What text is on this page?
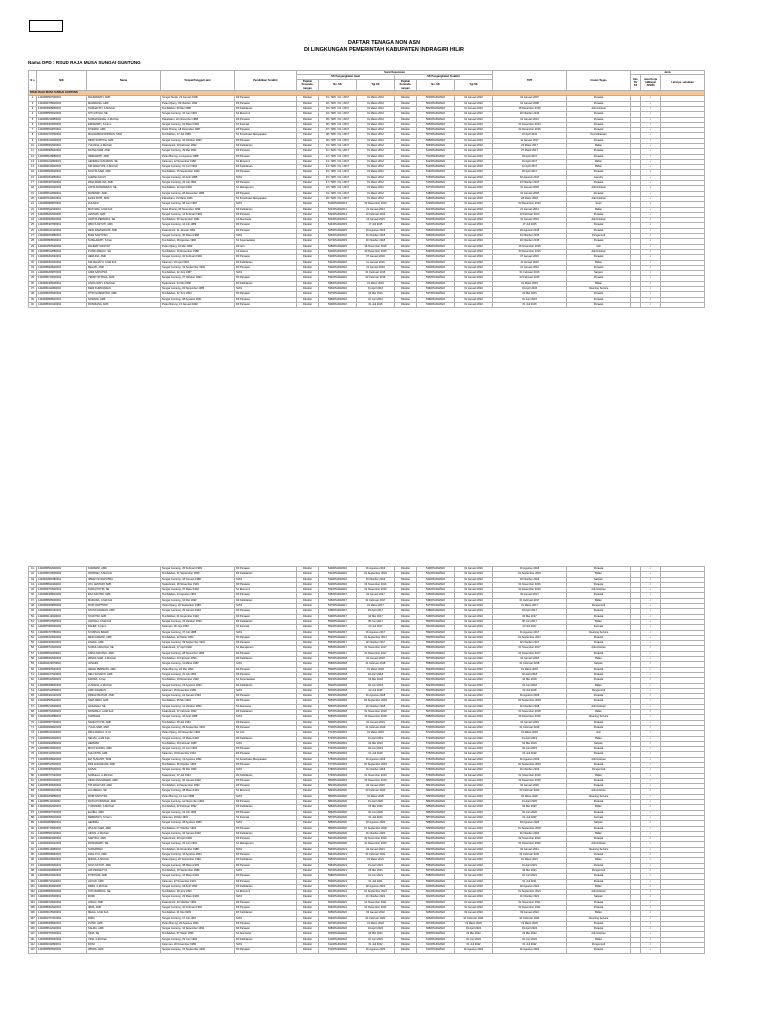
DAFTAR TENAGA NON ASN
DI LINGKUNGAN PEMERINTAH KABUPATEN INDRAGIRI HILIR
Nama OPD : RSUD RAJA MUSA SUNGAI GUNTUNG
N o	NIK	Nama	Tempat/Tanggal Lahir	Pendidikan Terakhir	Surat Keputusan						TMT	Uraian Tugas	Jenis		
					SK Pengangkatan Awal			SK Pengangkatan Terakhir					Eks TH K2	Jasa Kerja (diBiayai APBD)	Lainnya, sebutkan
					Pejabat Penanda-tangan	No. SK	Tgl SK	Pejabat Penanda-tangan	No. SK	Tgl SK					
RSUD RAJA MUSA SUNGAI GUNTUNG															
1	1402086507900001	RAHMAWATI, AMK	Sungai Tenda, 23 Januari 1990	D3 Perawat	Direktur	01 / SPK / 01 / 2017	01 Maret 2012	Direktur	500/RSUD/2022	01 Januari 2022	01 Januari 2007	Perawat		✓	
2	1402084708920002	MARDIANA, AMK	Pulau Kijang, 09 Oktober 1992	D3 Perawat	Direktur	02 / SPK / 01 / 2017	01 Maret 2012	Direktur	501/RSUD/2022	01 Januari 2022	01 Januari 2008	Perawat		✓	
3	1402084905860001	NURHAYATI, A.Md.Keb	Tembilahan, 09 Mei 1986	D3 Kebidanan	Direktur	03 / SPK / 01 / 2017	01 Maret 2012	Direktur	502/RSUD/2022	01 Januari 2022	15 Desember 2010	Administrasi		✓	
4	1402085506910003	SITI AISYAH, SE	Sungai Guntung, 15 Juni 1991	S1 Ekonomi	Direktur	04 / SPK / 01 / 2017	01 Maret 2012	Direktur	503/RSUD/2022	01 Januari 2022	20 Oktober 2013	Perawat		✓	
5	1402086211880002	NURHASANAH, A.Md.Kep	Pekanbaru, 22 November 1988	D3 Perawat	Direktur	05 / SPK / 01 / 2017	01 Maret 2012	Direktur	504/RSUD/2022	01 Januari 2022	01 Januari 2014	Perawat		✓	
6	1402084303930004	ERNAWATI, S.Farm	Sungai Guntung, 03 Maret 1993	S1 Farmasi	Direktur	06 / SPK / 01 / 2017	01 Maret 2012	Direktur	505/RSUD/2022	01 Januari 2022	01 Desember 2014	Perawat		✓	
7	1402085812870001	FITRIANI, AMK	Teluk Pinang, 18 Desember 1987	D3 Perawat	Direktur	07 / SPK / 01 / 2017	01 Maret 2012	Direktur	506/RSUD/2022	01 Januari 2022	21 Desember 2015	Perawat		✓	
8	1402081707890002	MUHAMMAD RIDWAN, SKM	Tembilahan, 17 Juli 1989	S1 Kesehatan Masyarakat	Direktur	08 / SPK / 01 / 2017	01 Maret 2012	Direktur	507/RSUD/2022	01 Januari 2022	15 April 2016	Pemeliharaan		✓	
9	1402084410900003	DEWI SARTIKA, AMK	Sungai Guntung, 04 Oktober 1990	D3 Perawat	Direktur	09 / SPK / 01 / 2017	01 Maret 2012	Direktur	508/RSUD/2022	01 Januari 2022	11 Januari 2017	Perawat		✓	
10	1402086002920001	YULIANA, A.Md.Keb	Kuala Enok, 20 Februari 1992	D3 Kebidanan	Direktur	10 / SPK / 01 / 2017	01 Maret 2012	Direktur	509/RSUD/2022	01 Januari 2022	23 Maret 2017	Bidan		✓	
11	1402086905910002	RATNA SARI, AMK	Sungai Guntung, 29 Mei 1991	D3 Perawat	Direktur	11 / SPK / 01 / 2017	01 Maret 2012	Direktur	510/RSUD/2022	01 Januari 2022	27 Maret 2017	Perawat		✓	
12	1402085108880001	INDRAWATI, AMK	Pulau Burung, 11 Agustus 1988	D3 Perawat	Direktur	12 / SPK / 01 / 2017	01 Maret 2012	Direktur	511/RSUD/2022	01 Januari 2022	03 April 2017	Perawat		✓	
13	1402081211860003	HENDRA GUNAWAN, SE	Kateman, 12 November 1986	S1 Ekonomi	Direktur	13 / SPK / 01 / 2017	01 Maret 2012	Direktur	512/RSUD/2022	01 Januari 2022	10 April 2017	Bidan		✓	
14	1402084106940004	SRI WAHYUNI, A.Md.Keb	Sungai Guntung, 01 Juni 1994	D3 Kebidanan	Direktur	14 / SPK / 01 / 2017	01 Maret 2012	Direktur	513/RSUD/2022	01 Januari 2022	12 April 2017	Bidan		✓	
15	1402085509930002	NOVITA SARI, AMK	Tembilahan, 15 September 1993	D3 Perawat	Direktur	15 / SPK / 01 / 2017	01 Maret 2012	Direktur	514/RSUD/2022	01 Januari 2022	20 April 2017	Perawat		✓	
16	1402081004850001	AHMAD FAUZI	Sungai Guntung, 10 April 1985	SLTA	Direktur	16 / SPK / 01 / 2017	01 Maret 2012	Direktur	515/RSUD/2022	01 Januari 2022	02 Agustus 2017	Laundry		✓	
17	1402086307900002	RINA MARLINA, AMK	Sungai Guntung, 23 Juli 1990	D3 Perawat	Direktur	17 / SPK / 01 / 2017	01 Maret 2012	Direktur	516/RSUD/2022	01 Januari 2022	16 Oktober 2017	Perawat		✓	
18	1402085004920003	ANITA ROSMAWATI, SE	Tembilahan, 10 April 1992	S1 Manajemen	Direktur	18 / SPK / 01 / 2017	01 Maret 2012	Direktur	517/RSUD/2022	01 Januari 2022	01 Januari 2018	Administrasi		✓	
19	1402086612890001	ROSMIATI, AMK	Sungai Guntung, 26 Desember 1989	D3 Perawat	Direktur	19 / SPK / 01 / 2017	01 Maret 2012	Direktur	518/RSUD/2022	01 Januari 2022	10 Januari 2018	Perawat		✓	
20	1402087103910001	ELIZA FITRI, SKM	Pekanbaru, 31 Maret 1991	S1 Kesehatan Masyarakat	Direktur	20 / SPK / 01 / 2017	01 Maret 2012	Direktur	519/RSUD/2022	01 Januari 2022	28 Maret 2018	Administrasi		✓	
21	1402080806870002	ZULKIFLI	Sungai Guntung, 08 Juni 1987	SLTA	Direktur	520/RSUD/2013	02 Desember 2013	Direktur	520/RSUD/2022	01 Januari 2022	02 Desember 2013	Sopir		✓	
22	1402084511940001	MUTIARA, A.Md.Keb	Teluk Pinang, 05 November 1994	D3 Kebidanan	Direktur	521/RSUD/2014	21 Januari 2014	Direktur	521/RSUD/2022	01 Januari 2022	21 Januari 2014	Bidan		✓	
23	1402085202930002	LESTARI, AMK	Sungai Guntung, 12 Februari 1993	D3 Perawat	Direktur	522/RSUD/2014	10 Februari 2014	Direktur	522/RSUD/2022	01 Januari 2022	10 Februari 2014	Perawat		✓	
24	1402084609910003	JUWITA PERMATA, SE	Tembilahan, 06 September 1991	S1 Akuntansi	Direktur	523/RSUD/2014	13 Januari 2015	Direktur	523/RSUD/2022	01 Januari 2022	13 Januari 2015	Administrasi		✓	
25	1402085407890001	WIDYA ASTUTI, AMK	Sungai Guntung, 14 Juli 1989	D3 Perawat	Direktur	524/RSUD/2015	17 Juli 2015	Direktur	524/RSUD/2022	01 Januari 2022	17 Juli 2015	Perawat		✓	
26	1402086101920002	DESI RAHMADANI, AMK	Kuala Enok, 21 Januari 1992	D3 Perawat	Direktur	525/RSUD/2015	29 Agustus 2015	Direktur	525/RSUD/2022	01 Januari 2022	29 Agustus 2015	Perawat		✓	
27	1402083003880001	BUDI SANTOSO	Sungai Guntung, 30 Maret 1988	SLTA	Direktur	526/RSUD/2015	01 Oktober 2015	Direktur	526/RSUD/2022	01 Januari 2022	01 Oktober 2015	Pengemudi		✓	
28	1402086808900001	SUSILAWATI, S.Kep	Tembilahan, 28 Agustus 1990	S1 Keperawatan	Direktur	527/RSUD/2015	20 Oktober 2015	Direktur	527/RSUD/2022	01 Januari 2022	20 Oktober 2015	Perawat		✓	
29	1402081505930003	RAHMAT HIDAYAT	Pulau Kijang, 15 Mei 1993	D3 Gizi	Direktur	528/RSUD/2015	16 November 2015	Direktur	528/RSUD/2022	01 Januari 2022	16 November 2015	Gizi		✓	
30	1402085612880002	PUTRI AMELIA, SH	Tembilahan, 16 Desember 1988	S1 Hukum	Direktur	529/RSUD/2015	30 Desember 2015	Direktur	529/RSUD/2022	01 Januari 2022	30 Desember 2015	Administrasi		✓	
31	1402084202940001	HERLINA, AMK	Sungai Guntung, 02 Februari 1994	D3 Perawat	Direktur	530/RSUD/2016	07 Januari 2016	Direktur	530/RSUD/2022	01 Januari 2022	07 Januari 2016	Perawat		✓	
32	1402086304910002	SRI RAHAYU, A.Md.Keb	Kateman, 23 April 1991	D3 Kebidanan	Direktur	531/RSUD/2016	11 Januari 2016	Direktur	531/RSUD/2022	01 Januari 2022	11 Januari 2016	Bidan		✓	
33	1402085909920001	MELATI, AMK	Sungai Guntung, 19 September 1992	D3 Perawat	Direktur	532/RSUD/2016	21 Januari 2016	Direktur	532/RSUD/2022	01 Januari 2022	21 Januari 2016	Perawat		✓	
34	1402082206870003	ANDI SAPUTRA	Tembilahan, 22 Juni 1987	SLTA	Direktur	533/RSUD/2016	01 Februari 2016	Direktur	533/RSUD/2022	01 Januari 2022	01 Februari 2016	Satpam		✓	
35	1402086710930002	YENNI OKTAVIA, AMK	Sungai Guntung, 27 Oktober 1993	D3 Perawat	Direktur	534/RSUD/2016	02 Februari 2016	Direktur	534/RSUD/2022	01 Januari 2022	02 Februari 2016	Perawat		✓	
36	1402084405900001	LINDA WATI, A.Md.Keb	Kuala Enok, 04 Mei 1990	D3 Kebidanan	Direktur	535/RSUD/2016	01 Maret 2016	Direktur	535/RSUD/2022	01 Januari 2022	01 Maret 2016	Bidan		✓	
37	1402080311860002	DEDI KURNIAWAN	Sungai Guntung, 03 November 1986	SLTA	Direktur	536/RSUD/2016	01 April 2016	Direktur	536/RSUD/2022	01 Januari 2022	01 April 2016	Cleaning Service		✓	
38	1402086206940003	FITRI HANDAYANI, AMK	Tembilahan, 22 Juni 1994	D3 Perawat	Direktur	537/RSUD/2016	02 Mei 2016	Direktur	537/RSUD/2022	01 Januari 2022	02 Mei 2016	Perawat		✓	
39	1402084808910001	NURAINI, AMK	Sungai Guntung, 08 Agustus 1991	D3 Perawat	Direktur	538/RSUD/2016	01 Juni 2016	Direktur	538/RSUD/2022	01 Januari 2022	01 Juni 2016	Perawat		✓	
40	1402085301920002	ROSDIANA, AMK	Pulau Burung, 13 Januari 1992	D3 Perawat	Direktur	539/RSUD/2016	01 Juli 2016	Direktur	539/RSUD/2022	01 Januari 2022	01 Juli 2016	Perawat		✓	
41	1402086502930001	SUMARNI, AMK	Sungai Guntung, 25 Februari 1993	D3 Perawat	Direktur	540/RSUD/2016	01 Agustus 2016	Direktur	540/RSUD/2022	01 Januari 2022	01 Agustus 2016	Perawat		✓	
42	1402086109900002	WARDAH, A.Md.Keb	Tembilahan, 21 September 1990	D3 Kebidanan	Direktur	541/RSUD/2016	01 September 2016	Direktur	541/RSUD/2022	01 Januari 2022	01 September 2016	Bidan		✓	
43	1402081801880001	IRWAN SYAHPUTRA	Sungai Guntung, 18 Januari 1988	SLTA	Direktur	542/RSUD/2016	03 Oktober 2016	Direktur	542/RSUD/2022	01 Januari 2022	03 Oktober 2016	Satpam		✓	
44	1402085811940002	AYU LESTARI, AMK	Kuala Enok, 18 November 1994	D3 Perawat	Direktur	543/RSUD/2016	01 November 2016	Direktur	543/RSUD/2022	01 Januari 2022	01 November 2016	Perawat		✓	
45	1402084703920001	DIANA PUTRI, SE	Sungai Guntung, 07 Maret 1992	S1 Ekonomi	Direktur	544/RSUD/2016	01 Desember 2016	Direktur	544/RSUD/2022	01 Januari 2022	01 Desember 2016	Administrasi		✓	
46	1402086408910003	EKA SAFITRI, AMK	Tembilahan, 24 Agustus 1991	D3 Perawat	Direktur	545/RSUD/2017	02 Januari 2017	Direktur	545/RSUD/2022	01 Januari 2022	02 Januari 2017	Perawat		✓	
47	1402085605930001	MARLINA, A.Md.Keb	Sungai Guntung, 16 Mei 1993	D3 Kebidanan	Direktur	546/RSUD/2017	01 Februari 2017	Direktur	546/RSUD/2022	01 Januari 2022	01 Februari 2017	Bidan		✓	
48	1402082009890002	RUDI HARTONO	Pulau Kijang, 20 September 1989	SLTA	Direktur	547/RSUD/2017	01 Maret 2017	Direktur	547/RSUD/2022	01 Januari 2022	01 Maret 2017	Pengemudi		✓	
49	1402086901940001	NOVIA RAHMAN, AMK	Sungai Guntung, 29 Januari 1994	D3 Perawat	Direktur	548/RSUD/2017	03 April 2017	Direktur	548/RSUD/2022	01 Januari 2022	03 April 2017	Perawat		✓	
50	1402084112920002	SYAFITRI, AMK	Tembilahan, 01 Desember 1992	D3 Perawat	Direktur	549/RSUD/2017	02 Mei 2017	Direktur	549/RSUD/2022	01 Januari 2022	02 Mei 2017	Perawat		✓	
51	1402085510900001	HAFSAH, A.Md.Keb	Sungai Guntung, 15 Oktober 1990	D3 Kebidanan	Direktur	550/RSUD/2017	05 Juni 2017	Direktur	550/RSUD/2022	01 Januari 2022	05 Juni 2017	Bidan		✓	
52	1402087006930003	RAHMI, S.Farm	Kateman, 30 Juni 1993	S1 Farmasi	Direktur	551/RSUD/2017	03 Juli 2017	Direktur	551/RSUD/2022	01 Januari 2022	03 Juli 2017	Farmasi		✓	
53	1402080707880001	SYAMSUL BAHRI	Sungai Guntung, 07 Juli 1988	SLTA	Direktur	552/RSUD/2017	01 Agustus 2017	Direktur	552/RSUD/2022	01 Januari 2022	01 Agustus 2017	Cleaning Service		✓	
54	1402086203940002	MERI ANDANI, AMK	Tembilahan, 22 Maret 1994	D3 Perawat	Direktur	553/RSUD/2017	01 September 2017	Direktur	553/RSUD/2022	01 Januari 2022	01 September 2017	Perawat		✓	
55	1402084309910001	ZAHRA, AMK	Sungai Guntung, 03 September 1991	D3 Perawat	Direktur	554/RSUD/2017	02 Oktober 2017	Direktur	554/RSUD/2022	01 Januari 2022	02 Oktober 2017	Perawat		✓	
56	1402085704920002	NURUL HIDAYAH, SE	Kuala Enok, 17 April 1992	S1 Manajemen	Direktur	555/RSUD/2017	01 November 2017	Direktur	555/RSUD/2022	01 Januari 2022	01 November 2017	Administrasi		✓	
57	1402086811900001	SISKA MAYANG, AMK	Sungai Guntung, 28 November 1990	D3 Perawat	Direktur	556/RSUD/2017	01 Desember 2017	Direktur	556/RSUD/2022	01 Januari 2022	01 Desember 2017	Perawat		✓	
58	1402085002930003	WINDA SARI, A.Md.Keb	Tembilahan, 10 Februari 1993	D3 Kebidanan	Direktur	557/RSUD/2018	02 Januari 2018	Direktur	557/RSUD/2022	01 Januari 2022	02 Januari 2018	Bidan		✓	
59	1402081103870002	JUNAIDI	Sungai Guntung, 11 Maret 1987	SLTA	Direktur	558/RSUD/2018	01 Februari 2018	Direktur	558/RSUD/2022	01 Januari 2022	01 Februari 2018	Satpam		✓	
60	1402086605940001	INDAH PERMATA, AMK	Pulau Burung, 26 Mei 1994	D3 Perawat	Direktur	559/RSUD/2018	01 Maret 2018	Direktur	559/RSUD/2022	01 Januari 2022	01 Maret 2018	Perawat		✓	
61	1402084107910002	NELI SUSANTI, AMK	Sungai Guntung, 01 Juli 1991	D3 Perawat	Direktur	560/RSUD/2018	02 April 2018	Direktur	560/RSUD/2022	01 Januari 2022	02 April 2018	Perawat		✓	
62	1402085912920001	FARIDA, S.Kep	Tembilahan, 19 Desember 1992	S1 Keperawatan	Direktur	561/RSUD/2018	02 Mei 2018	Direktur	561/RSUD/2022	01 Januari 2022	02 Mei 2018	Perawat		✓	
63	1402086308930002	LUSIANA, A.Md.Keb	Sungai Guntung, 23 Agustus 1993	D3 Kebidanan	Direktur	562/RSUD/2018	04 Juni 2018	Direktur	562/RSUD/2022	01 Januari 2022	04 Juni 2018	Bidan		✓	
64	1402082512890001	ARIF RAHMAN	Kateman, 25 Desember 1989	SLTA	Direktur	563/RSUD/2018	02 Juli 2018	Direktur	563/RSUD/2022	01 Januari 2022	02 Juli 2018	Pengemudi		✓	
65	1402086401940003	DINDA PRATIWI, AMK	Sungai Guntung, 24 Januari 1994	D3 Perawat	Direktur	564/RSUD/2018	01 Agustus 2018	Direktur	564/RSUD/2022	01 Januari 2022	01 Agustus 2018	Perawat		✓	
66	1402084505910001	SARI DEWI, AMK	Tembilahan, 05 Mei 1991	D3 Perawat	Direktur	565/RSUD/2018	03 September 2018	Direktur	565/RSUD/2022	01 Januari 2022	03 September 2018	Perawat		✓	
67	1402085210920002	HASANAH, SE	Sungai Guntung, 12 Oktober 1992	S1 Akuntansi	Direktur	566/RSUD/2018	01 Oktober 2018	Direktur	566/RSUD/2022	01 Januari 2022	01 Oktober 2018	Administrasi		✓	
68	1402086702930001	ROSMALA, A.Md.Keb	Kuala Enok, 27 Februari 1993	D3 Kebidanan	Direktur	567/RSUD/2018	01 November 2018	Direktur	567/RSUD/2022	01 Januari 2022	01 November 2018	Bidan		✓	
69	1402081604880002	SUPRIADI	Sungai Guntung, 16 April 1988	SLTA	Direktur	568/RSUD/2018	03 Desember 2018	Direktur	568/RSUD/2022	01 Januari 2022	03 Desember 2018	Cleaning Service		✓	
70	1402085807940001	NADIA PUTRI, AMK	Tembilahan, 18 Juli 1994	D3 Perawat	Direktur	569/RSUD/2019	02 Januari 2019	Direktur	569/RSUD/2022	01 Januari 2022	02 Januari 2019	Perawat		✓	
71	1402084909910003	YULIA SARI, AMK	Sungai Guntung, 09 September 1991	D3 Perawat	Direktur	570/RSUD/2019	01 Februari 2019	Direktur	570/RSUD/2022	01 Januari 2022	01 Februari 2019	Perawat		✓	
72	1402086011920002	RIKA AMALIA, S.Gz	Pulau Kijang, 20 November 1992	S1 Gizi	Direktur	571/RSUD/2019	01 Maret 2019	Direktur	571/RSUD/2022	01 Januari 2022	01 Maret 2019	Gizi		✓	
73	1402085603930001	SELVIA, A.Md.Keb	Sungai Guntung, 16 Maret 1993	D3 Kebidanan	Direktur	572/RSUD/2019	01 April 2019	Direktur	572/RSUD/2022	01 Januari 2022	01 April 2019	Bidan		✓	
74	1402082902890002	HERMAN	Tembilahan, 29 Februari 1989	SLTA	Direktur	573/RSUD/2019	02 Mei 2019	Direktur	573/RSUD/2022	01 Januari 2022	02 Mei 2019	Satpam		✓	
75	1402086106940001	MAYA SAFIRA, AMK	Sungai Guntung, 21 Juni 1994	D3 Perawat	Direktur	574/RSUD/2019	03 Juni 2019	Direktur	574/RSUD/2022	01 Januari 2022	03 Juni 2019	Perawat		✓	
76	1402084412910002	SULASTRI, AMK	Kateman, 04 Desember 1991	D3 Perawat	Direktur	575/RSUD/2019	01 Juli 2019	Direktur	575/RSUD/2022	01 Januari 2022	01 Juli 2019	Perawat		✓	
77	1402085308920003	EVI SUSANTI, SKM	Sungai Guntung, 13 Agustus 1992	S1 Kesehatan Masyarakat	Direktur	576/RSUD/2019	01 Agustus 2019	Direktur	576/RSUD/2022	01 Januari 2022	01 Agustus 2019	Administrasi		✓	
78	1402086510930001	RINI ANGGRAINI, AMK	Tembilahan, 25 Oktober 1993	D3 Perawat	Direktur	577/RSUD/2019	02 September 2019	Direktur	577/RSUD/2022	01 Januari 2022	02 September 2019	Perawat		✓	
79	1402080905900002	FAISAL	Sungai Guntung, 09 Mei 1990	SLTA	Direktur	578/RSUD/2019	01 Oktober 2019	Direktur	578/RSUD/2022	01 Januari 2022	01 Oktober 2019	Pengemudi		✓	
80	1402086707940002	NURLELA, A.Md.Keb	Kuala Enok, 27 Juli 1994	D3 Kebidanan	Direktur	579/RSUD/2019	01 November 2019	Direktur	579/RSUD/2022	01 Januari 2022	01 November 2019	Bidan		✓	
81	1402084601920001	DEWI ANGGRAENI, AMK	Sungai Guntung, 06 Januari 1992	D3 Perawat	Direktur	580/RSUD/2019	02 Desember 2019	Direktur	580/RSUD/2022	01 Januari 2022	02 Desember 2019	Perawat		✓	
82	1402085409930003	TRI WAHYUNI, AMK	Tembilahan, 14 September 1993	D3 Perawat	Direktur	581/RSUD/2020	02 Januari 2020	Direktur	581/RSUD/2022	01 Januari 2022	02 Januari 2020	Perawat		✓	
83	1402086803910002	LIA AMELIA, SE	Sungai Guntung, 28 Maret 1991	S1 Ekonomi	Direktur	582/RSUD/2020	03 Februari 2020	Direktur	582/RSUD/2022	01 Januari 2022	03 Februari 2020	Administrasi		✓	
84	1402081206880001	ROBI SAPUTRA	Pulau Burung, 12 Juni 1988	SLTA	Direktur	583/RSUD/2020	02 Maret 2020	Direktur	583/RSUD/2022	01 Januari 2022	02 Maret 2020	Cleaning Service		✓	
85	1402085111940002	RATIH PURNAMA, AMK	Sungai Guntung, 11 November 1994	D3 Perawat	Direktur	584/RSUD/2020	01 April 2020	Direktur	584/RSUD/2022	01 Januari 2022	01 April 2020	Perawat		✓	
86	1402084202920001	YUSNIDAR, A.Md.Keb	Tembilahan, 02 Februari 1992	D3 Kebidanan	Direktur	585/RSUD/2020	04 Mei 2020	Direktur	585/RSUD/2022	01 Januari 2022	04 Mei 2020	Bidan		✓	
87	1402085907930003	ELVIRA, AMK	Sungai Guntung, 19 Juli 1993	D3 Perawat	Direktur	586/RSUD/2020	02 Juni 2020	Direktur	586/RSUD/2022	01 Januari 2022	02 Juni 2020	Perawat		✓	
88	1402086305910002	FEBRIANTI, S.Farm	Kateman, 23 Mei 1991	S1 Farmasi	Direktur	587/RSUD/2020	01 Juli 2020	Direktur	587/RSUD/2022	01 Januari 2022	01 Juli 2020	Farmasi		✓	
89	1402082808890001	HENDRA	Sungai Guntung, 28 Agustus 1989	SLTA	Direktur	588/RSUD/2020	03 Agustus 2020	Direktur	588/RSUD/2022	01 Januari 2022	03 Agustus 2020	Satpam		✓	
90	1402084710940002	WULAN SARI, AMK	Tembilahan, 07 Oktober 1994	D3 Perawat	Direktur	589/RSUD/2020	01 September 2020	Direktur	589/RSUD/2022	01 Januari 2022	01 September 2020	Perawat		✓	
91	1402085501920001	AINUN, A.Md.Keb	Sungai Guntung, 15 Januari 1992	D3 Kebidanan	Direktur	590/RSUD/2020	01 Oktober 2020	Direktur	590/RSUD/2022	01 Januari 2022	01 Oktober 2020	Bidan		✓	
92	1402086904930002	SARTIKA, AMK	Kuala Enok, 29 April 1993	D3 Perawat	Direktur	591/RSUD/2020	02 November 2020	Direktur	591/RSUD/2022	01 Januari 2022	02 November 2020	Perawat		✓	
93	1402084306910003	ROSNAWATI, SE	Sungai Guntung, 03 Juni 1991	S1 Manajemen	Direktur	592/RSUD/2020	01 Desember 2020	Direktur	592/RSUD/2022	01 Januari 2022	01 Desember 2020	Administrasi		✓	
94	1402080112880002	SUPARMAN	Tembilahan, 01 Desember 1988	SLTA	Direktur	593/RSUD/2021	04 Januari 2021	Direktur	593/RSUD/2022	01 Januari 2022	04 Januari 2021	Cleaning Service		✓	
95	1402085608940001	DIAH AYU, AMK	Sungai Guntung, 16 Agustus 1994	D3 Perawat	Direktur	594/RSUD/2021	01 Februari 2021	Direktur	594/RSUD/2022	01 Januari 2022	01 Februari 2021	Perawat		✓	
96	1402086209920002	MIRNA, A.Md.Keb	Pulau Kijang, 22 September 1992	D3 Kebidanan	Direktur	595/RSUD/2021	01 Maret 2021	Direktur	595/RSUD/2022	01 Januari 2022	01 Maret 2021	Bidan		✓	
97	1402084803930001	NOVI ASTUTI, AMK	Sungai Guntung, 08 Maret 1993	D3 Perawat	Direktur	596/RSUD/2021	01 April 2021	Direktur	596/RSUD/2022	01 Januari 2022	01 April 2021	Perawat		✓	
98	1402081909890003	ADI PRASETYO	Tembilahan, 19 September 1989	SLTA	Direktur	597/RSUD/2021	03 Mei 2021	Direktur	597/RSUD/2022	01 Januari 2022	03 Mei 2021	Pengemudi		✓	
99	1402085203940002	FITRIYANI, AMK	Sungai Guntung, 12 Maret 1994	D3 Perawat	Direktur	598/RSUD/2021	01 Juni 2021	Direktur	598/RSUD/2022	01 Januari 2022	01 Juni 2021	Perawat		✓	
100	1402086711910001	HAYATI, AMK	Kateman, 27 November 1991	D3 Perawat	Direktur	599/RSUD/2021	01 Juli 2021	Direktur	599/RSUD/2022	01 Januari 2022	01 Juli 2021	Perawat		✓	
101	1402084404920002	RIRIN, A.Md.Keb	Sungai Guntung, 04 April 1992	D3 Kebidanan	Direktur	600/RSUD/2021	02 Agustus 2021	Direktur	600/RSUD/2022	01 Januari 2022	02 Agustus 2021	Bidan		✓	
102	1402085806930003	SITI NURBAYA, SE	Tembilahan, 18 Juni 1993	S1 Ekonomi	Direktur	601/RSUD/2021	01 September 2021	Direktur	601/RSUD/2022	01 Januari 2022	01 September 2021	Administrasi		✓	
103	1402082303900001	ROMI	Sungai Guntung, 23 Maret 1990	SLTA	Direktur	602/RSUD/2021	01 Oktober 2021	Direktur	602/RSUD/2022	01 Januari 2022	01 Oktober 2021	Satpam		✓	
104	1402086310940002	ANGGI, AMK	Kuala Enok, 23 Oktober 1994	D3 Perawat	Direktur	603/RSUD/2021	01 November 2021	Direktur	603/RSUD/2022	01 Januari 2022	01 November 2021	Perawat		✓	
105	1402085002920001	IRMA, AMK	Sungai Guntung, 10 Februari 1992	D3 Perawat	Direktur	604/RSUD/2021	01 Desember 2021	Direktur	604/RSUD/2022	01 Januari 2022	01 Desember 2021	Perawat		✓	
106	1402084105930002	MEGA, A.Md.Keb	Tembilahan, 01 Mei 1993	D3 Kebidanan	Direktur	605/RSUD/2022	03 Januari 2022	Direktur	605/RSUD/2022	03 Januari 2022	03 Januari 2022	Bidan		✓	
107	1402081707910003	RIZKI	Sungai Guntung, 17 Juli 1991	SLTA	Direktur	606/RSUD/2022	01 Februari 2022	Direktur	606/RSUD/2022	01 Februari 2022	01 Februari 2022	Cleaning Service		✓	
108	1402086008940001	PUTRI, AMK	Pulau Burung, 20 Agustus 1994	D3 Perawat	Direktur	607/RSUD/2022	01 Maret 2022	Direktur	607/RSUD/2022	01 Maret 2022	01 Maret 2022	Perawat		✓	
109	1402085612920002	SALMA, AMK	Sungai Guntung, 16 Desember 1992	D3 Perawat	Direktur	608/RSUD/2022	04 April 2022	Direktur	608/RSUD/2022	04 April 2022	04 April 2022	Perawat		✓	
110	1402084703930001	NINA, SE	Tembilahan, 07 Maret 1993	S1 Akuntansi	Direktur	609/RSUD/2022	02 Mei 2022	Direktur	609/RSUD/2022	02 Mei 2022	02 Mei 2022	Administrasi		✓	
111	1402086906940002	VINA, A.Md.Keb	Sungai Guntung, 29 Juni 1994	D3 Kebidanan	Direktur	610/RSUD/2022	01 Juni 2022	Direktur	610/RSUD/2022	01 Juni 2022	01 Juni 2022	Bidan		✓	
112	1402082011890001	DONI	Kateman, 20 November 1989	SLTA	Direktur	611/RSUD/2022	01 Juli 2022	Direktur	611/RSUD/2022	01 Juli 2022	01 Juli 2022	Pengemudi		✓	
113	1402085509920003	WINDA, AMK	Sungai Guntung, 15 September 1992	D3 Perawat	Direktur	612/RSUD/2022	01 Agustus 2022	Direktur	612/RSUD/2022	01 Agustus 2022	01 Agustus 2022	Perawat		✓	
